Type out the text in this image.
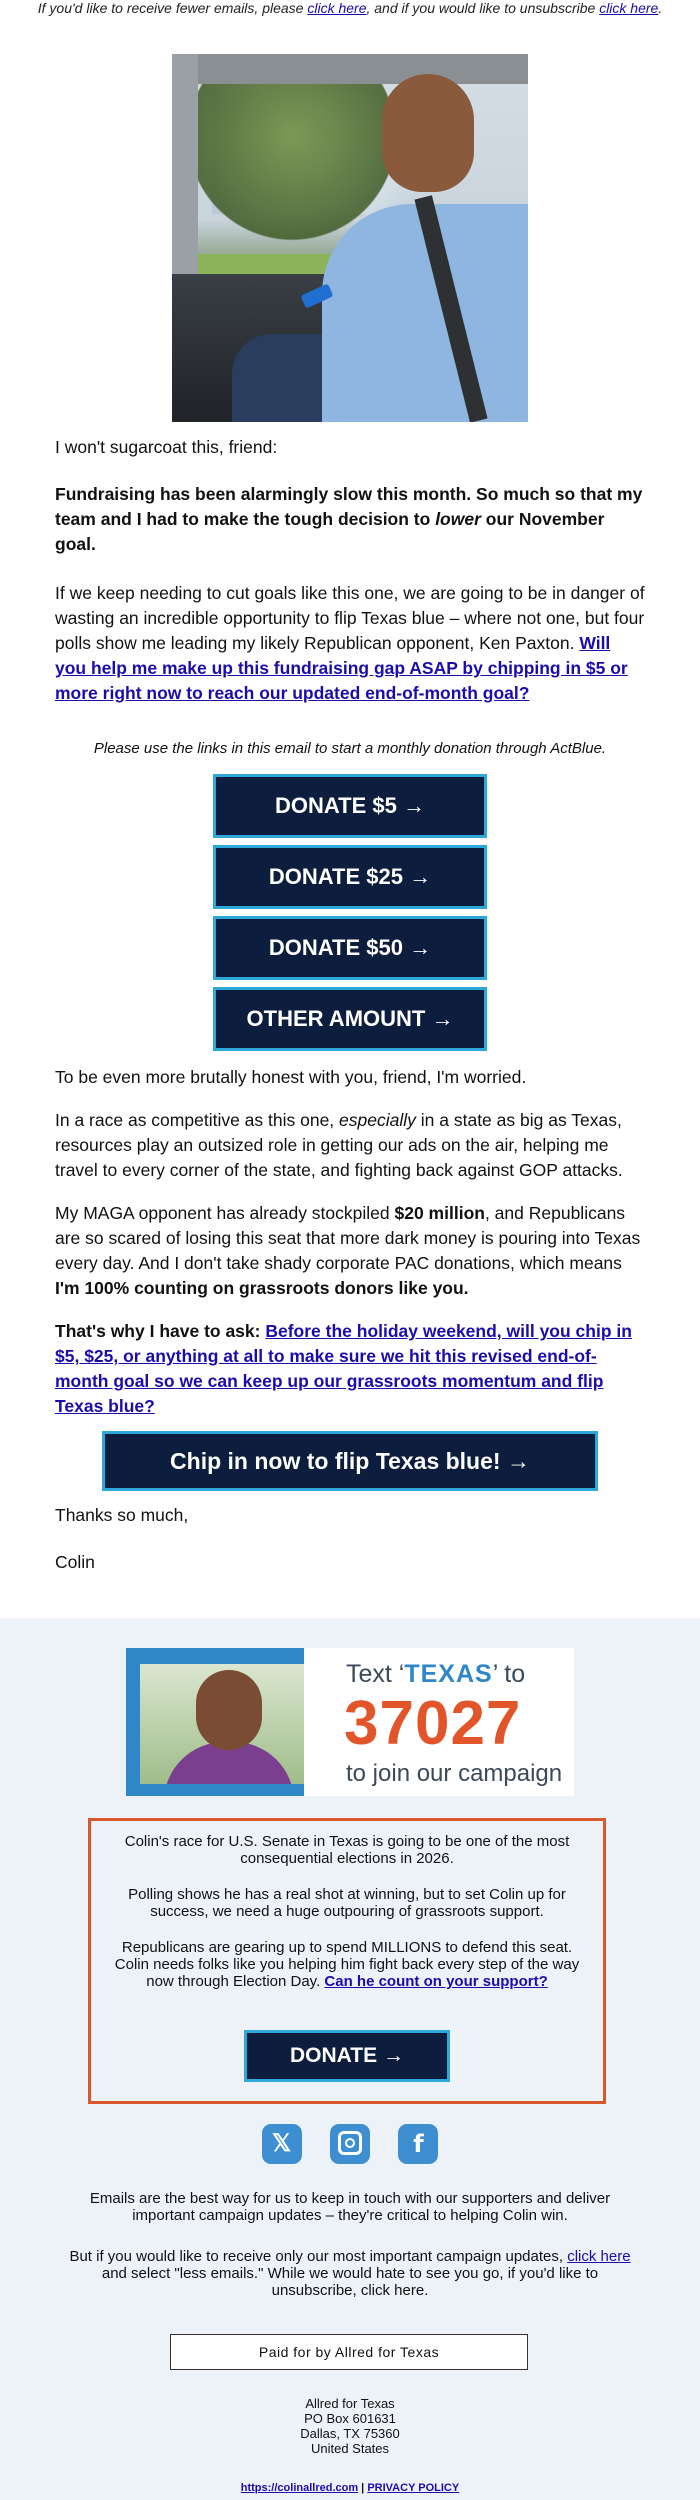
If you'd like to receive fewer emails, please click here, and if you would like to unsubscribe click here.

I won't sugarcoat this, friend:

Fundraising has been alarmingly slow this month. So much so that my team and I had to make the tough decision to lower our November goal.

If we keep needing to cut goals like this one, we are going to be in danger of wasting an incredible opportunity to flip Texas blue – where not one, but four polls show me leading my likely Republican opponent, Ken Paxton. Will you help me make up this fundraising gap ASAP by chipping in $5 or more right now to reach our updated end-of-month goal?

Please use the links in this email to start a monthly donation through ActBlue.

DONATE $5 →
DONATE $25 →
DONATE $50 →
OTHER AMOUNT →

To be even more brutally honest with you, friend, I'm worried.

In a race as competitive as this one, especially in a state as big as Texas, resources play an outsized role in getting our ads on the air, helping me travel to every corner of the state, and fighting back against GOP attacks.

My MAGA opponent has already stockpiled $20 million, and Republicans are so scared of losing this seat that more dark money is pouring into Texas every day. And I don't take shady corporate PAC donations, which means I'm 100% counting on grassroots donors like you.

That's why I have to ask: Before the holiday weekend, will you chip in $5, $25, or anything at all to make sure we hit this revised end-of-month goal so we can keep up our grassroots momentum and flip Texas blue?

Chip in now to flip Texas blue! →

Thanks so much,

Colin

Text ‘TEXAS’ to
37027
to join our campaign

Colin's race for U.S. Senate in Texas is going to be one of the most consequential elections in 2026.

Polling shows he has a real shot at winning, but to set Colin up for success, we need a huge outpouring of grassroots support.

Republicans are gearing up to spend MILLIONS to defend this seat. Colin needs folks like you helping him fight back every step of the way now through Election Day. Can he count on your support?

DONATE →
𝕏	f

Emails are the best way for us to keep in touch with our supporters and deliver important campaign updates – they're critical to helping Colin win.

But if you would like to receive only our most important campaign updates, click here and select "less emails." While we would hate to see you go, if you'd like to unsubscribe, click here.

Paid for by Allred for Texas
Allred for Texas
PO Box 601631
Dallas, TX 75360
United States
https://colinallred.com | PRIVACY POLICY
